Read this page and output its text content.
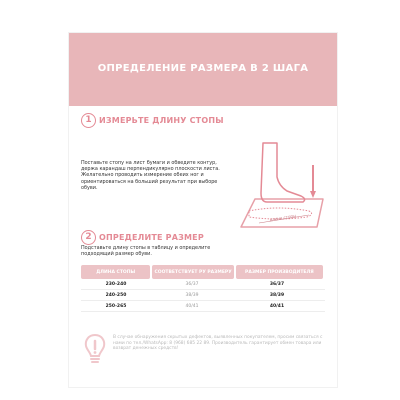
ОПРЕДЕЛЕНИЕ РАЗМЕРА В 2 ШАГА
1 ИЗМЕРЬТЕ ДЛИНУ СТОПЫ
Поставьте стопу на лист бумаги и обведите контур, держа карандаш перпендикулярно плоскости листа. Желательно проводить измерение обеих ног и ориентироваться на больший результат при выборе обуви.
длина стопы
2 ОПРЕДЕЛИТЕ РАЗМЕР
Подставьте длину стопы в таблицу и определите подходящий размер обуви.
ДЛИНА СТОПЫ	СООТВЕТСТВУЕТ РУ РАЗМЕРУ	РАЗМЕР ПРОИЗВОДИТЕЛЯ
230-240	36/37	36/37
240-250	38/39	38/39
250-265	40/41	40/41
В случае обнаружения скрытых дефектов, выявленных покупателем, просим связаться с нами по тел./WhatsApp: 8 (968) 685 22 89. Производитель гарантирует обмен товара или возврат денежных средств!
